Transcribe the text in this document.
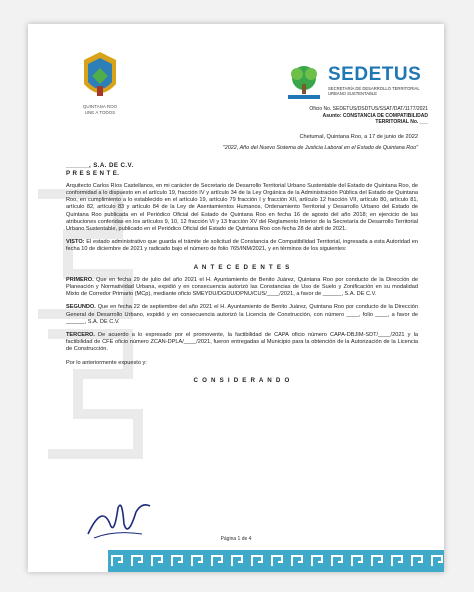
QUINTANA ROO
UNE A TODOS
SEDETUS
SECRETARÍA DE DESARROLLO TERRITORIAL URBANO SUSTENTABLE
Oficio No. SEDETUS/DSDTUS/SSAT/DAT/1177/2021
Asunto: CONSTANCIA DE COMPATIBILIDAD
TERRITORIAL No. ___
Chetumal, Quintana Roo, a 17 de junio de 2022
"2022, Año del Nuevo Sistema de Justicia Laboral en el Estado de Quintana Roo"
______, S.A. DE C.V.
P R E S E N T E.
Arquitecto Carlos Ríos Castellanos, en mi carácter de Secretario de Desarrollo Territorial Urbano Sustentable del Estado de Quintana Roo, de conformidad a lo dispuesto en el artículo 19, fracción IV y artículo 34 de la Ley Orgánica de la Administración Pública del Estado de Quintana Roo, en cumplimiento a lo establecido en el artículo 19, artículo 79 fracción I y fracción XII, artículo 12 fracción VII, artículo 80, artículo 81, artículo 82, artículo 83 y artículo 84 de la Ley de Asentamientos Humanos, Ordenamiento Territorial y Desarrollo Urbano del Estado de Quintana Roo publicada en el Periódico Oficial del Estado de Quintana Roo en fecha 16 de agosto del año 2018; en ejercicio de las atribuciones conferidas en los artículos 9, 10, 12 fracción VI y 13 fracción XV del Reglamento Interior de la Secretaría de Desarrollo Territorial Urbano Sustentable, publicado en el Periódico Oficial del Estado de Quintana Roo con fecha 28 de abril de 2021.
VISTO: El estado administrativo que guarda el trámite de solicitud de Constancia de Compatibilidad Territorial, ingresada a esta Autoridad en fecha 10 de diciembre de 2021 y radicado bajo el número de folio 765/INM/2021, y en términos de los siguientes:
A N T E C E D E N T E S
PRIMERO. Que en fecha 29 de julio del año 2021 el H. Ayuntamiento de Benito Juárez, Quintana Roo por conducto de la Dirección de Planeación y Normatividad Urbana, expidió y en consecuencia autorizó las Constancias de Uso de Suelo y Zonificación en su modalidad Mixto de Corredor Primario (MCp), mediante oficio SMEYDU/DGDU/DPNU/CUS/____/2021, a favor de ______, S.A. DE C.V.
SEGUNDO. Que en fecha 22 de septiembre del año 2021 el H. Ayuntamiento de Benito Juárez, Quintana Roo por conducto de la Dirección General de Desarrollo Urbano, expidió y en consecuencia autorizó la Licencia de Construcción, con número ____, folio ____, a favor de ______, S.A. DE C.V.
TERCERO. De acuerdo a lo expresado por el promovente, la factibilidad de CAPA oficio número CAPA-DBJIM-SDT/____/2021 y la factibilidad de CFE oficio número ZCAN-DPLA/____/2021, fueron entregadas al Municipio para la obtención de la Autorización de la Licencia de Construcción.
Por lo anteriormente expuesto y:
C O N S I D E R A N D O
Página 1 de 4
